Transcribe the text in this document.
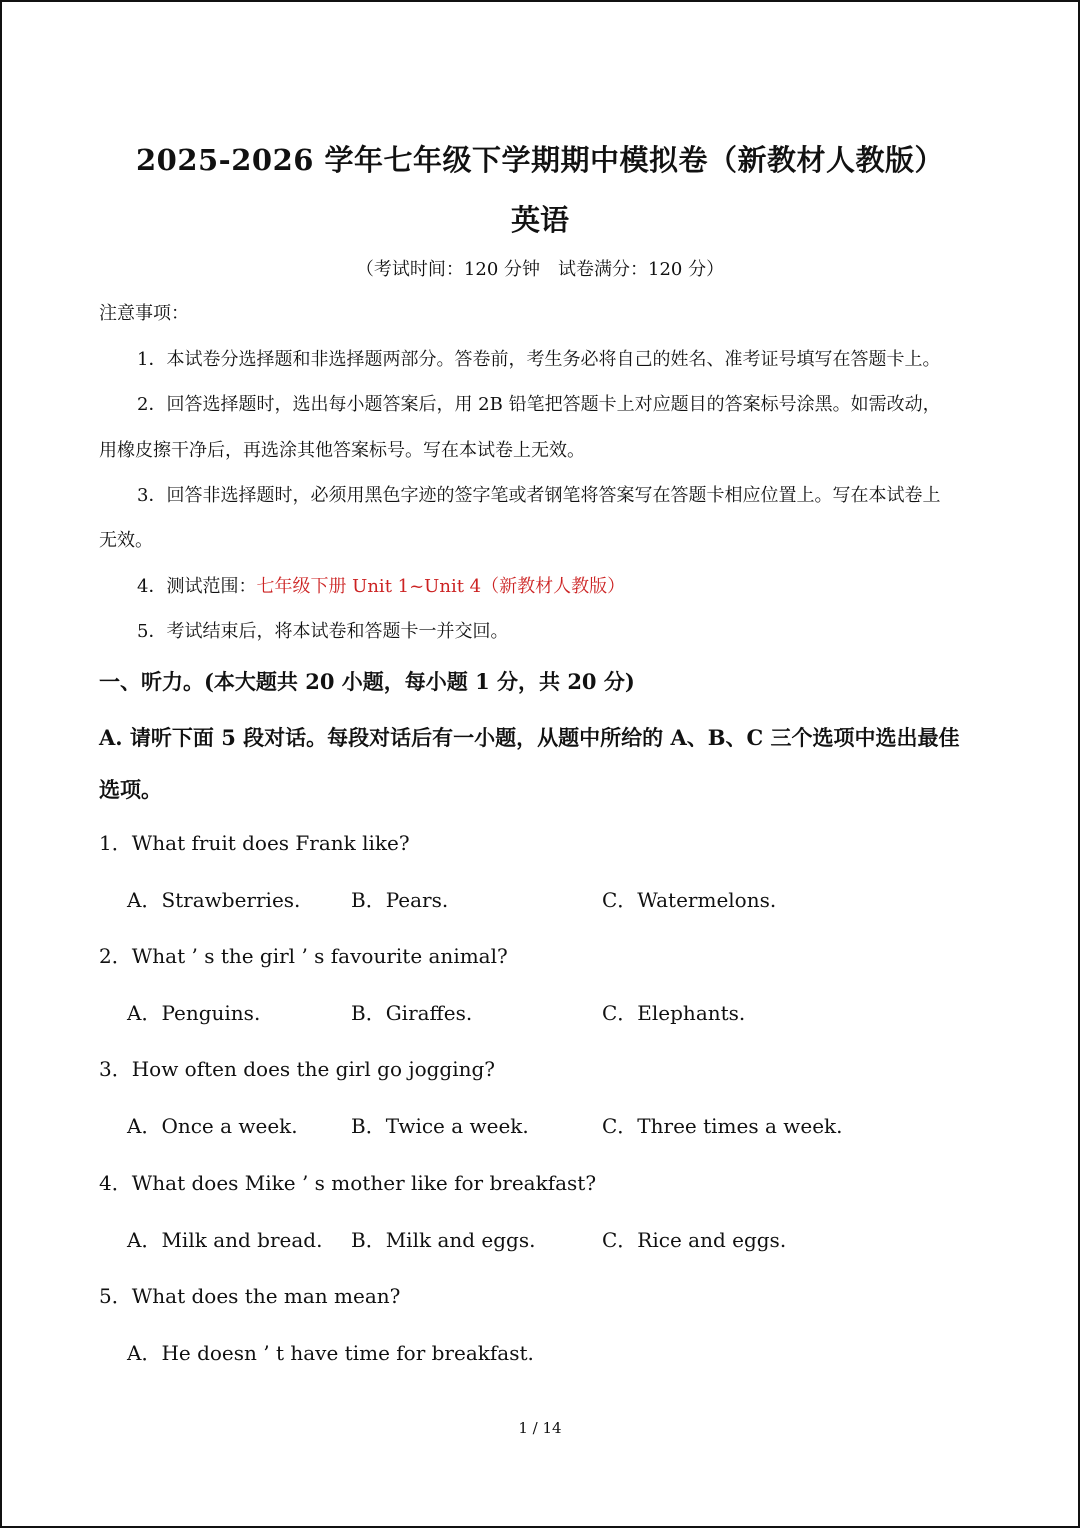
2025-2026 学年七年级下学期期中模拟卷（新教材人教版）
英语
（考试时间：120 分钟　试卷满分：120 分）
注意事项：
1．本试卷分选择题和非选择题两部分。答卷前，考生务必将自己的姓名、准考证号填写在答题卡上。
2．回答选择题时，选出每小题答案后，用 2B 铅笔把答题卡上对应题目的答案标号涂黑。如需改动，
用橡皮擦干净后，再选涂其他答案标号。写在本试卷上无效。
3．回答非选择题时，必须用黑色字迹的签字笔或者钢笔将答案写在答题卡相应位置上。写在本试卷上
无效。
4．测试范围：七年级下册 Unit 1~Unit 4（新教材人教版）
5．考试结束后，将本试卷和答题卡一并交回。
一、听力。(本大题共 20 小题，每小题 1 分，共 20 分)
A. 请听下面 5 段对话。每段对话后有一小题，从题中所给的 A、B、C 三个选项中选出最佳
选项。
1．What fruit does Frank like?
A．Strawberries.	B．Pears.	C．Watermelons.
2．What ’ s the girl ’ s favourite animal?
A．Penguins.	B．Giraffes.	C．Elephants.
3．How often does the girl go jogging?
A．Once a week.	B．Twice a week.	C．Three times a week.
4．What does Mike ’ s mother like for breakfast?
A．Milk and bread. B．Milk and eggs.	C．Rice and eggs.
5．What does the man mean?
A．He doesn ’ t have time for breakfast.
1 / 14
